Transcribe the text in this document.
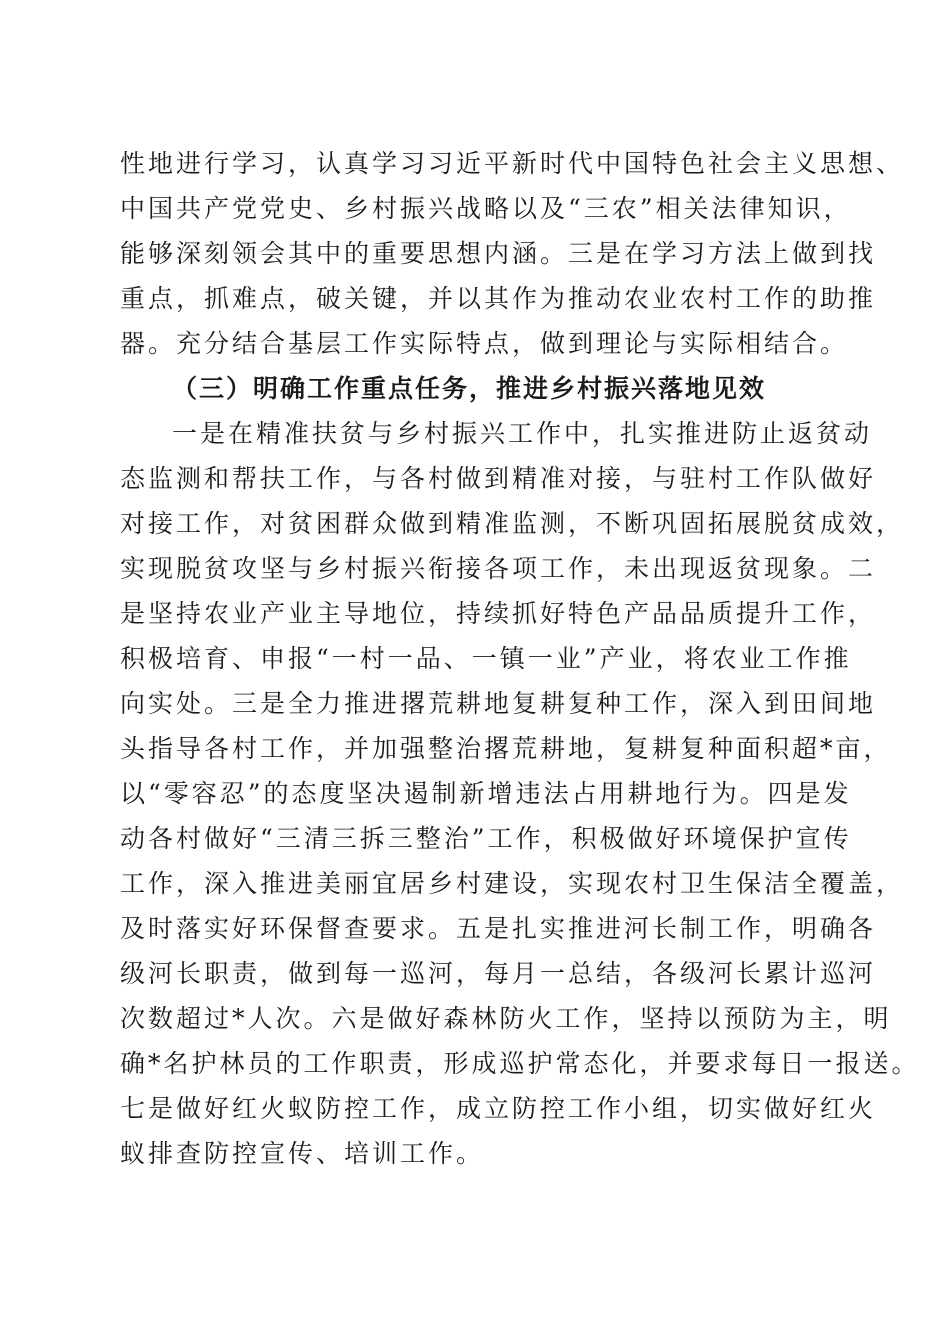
性地进行学习，认真学习习近平新时代中国特色社会主义思想、
中国共产党党史、乡村振兴战略以及“三农”相关法律知识，
能够深刻领会其中的重要思想内涵。三是在学习方法上做到找
重点，抓难点，破关键，并以其作为推动农业农村工作的助推
器。充分结合基层工作实际特点，做到理论与实际相结合。
（三）明确工作重点任务，推进乡村振兴落地见效
一是在精准扶贫与乡村振兴工作中，扎实推进防止返贫动
态监测和帮扶工作，与各村做到精准对接，与驻村工作队做好
对接工作，对贫困群众做到精准监测，不断巩固拓展脱贫成效，
实现脱贫攻坚与乡村振兴衔接各项工作，未出现返贫现象。二
是坚持农业产业主导地位，持续抓好特色产品品质提升工作，
积极培育、申报“一村一品、一镇一业”产业，将农业工作推
向实处。三是全力推进撂荒耕地复耕复种工作，深入到田间地
头指导各村工作，并加强整治撂荒耕地，复耕复种面积超*亩，
以“零容忍”的态度坚决遏制新增违法占用耕地行为。四是发
动各村做好“三清三拆三整治”工作，积极做好环境保护宣传
工作，深入推进美丽宜居乡村建设，实现农村卫生保洁全覆盖，
及时落实好环保督查要求。五是扎实推进河长制工作，明确各
级河长职责，做到每一巡河，每月一总结，各级河长累计巡河
次数超过*人次。六是做好森林防火工作，坚持以预防为主，明
确*名护林员的工作职责，形成巡护常态化，并要求每日一报送。
七是做好红火蚁防控工作，成立防控工作小组，切实做好红火
蚁排查防控宣传、培训工作。
